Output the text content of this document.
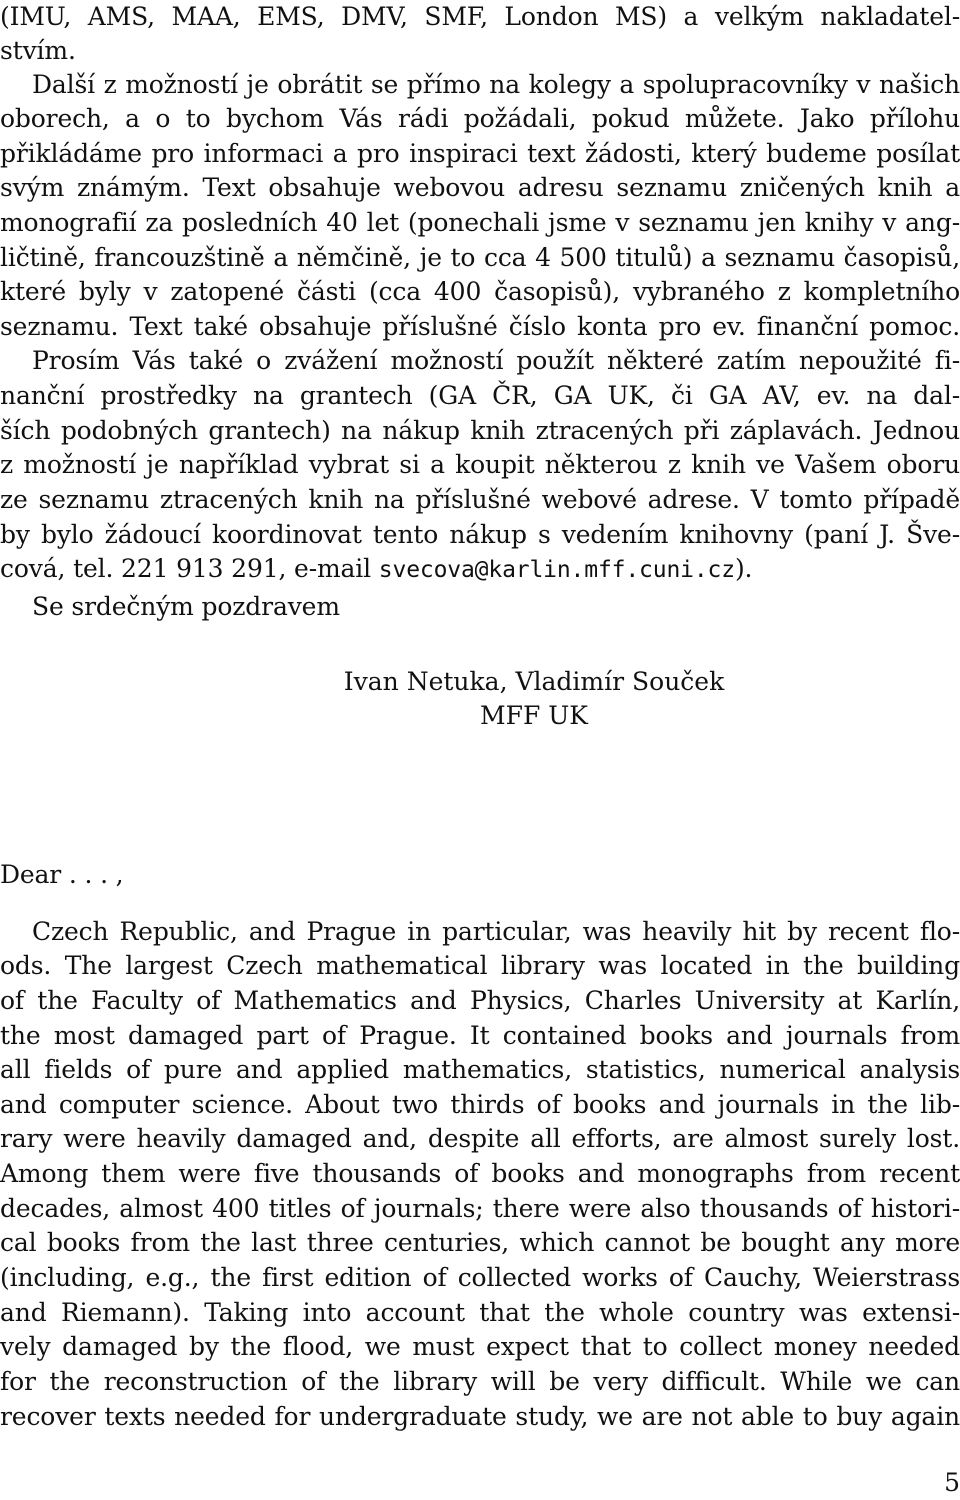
(IMU, AMS, MAA, EMS, DMV, SMF, London MS) a velkým nakladatel-
stvím.
Další z možností je obrátit se přímo na kolegy a spolupracovníky v našich
oborech, a o to bychom Vás rádi požádali, pokud můžete. Jako přílohu
přikládáme pro informaci a pro inspiraci text žádosti, který budeme posílat
svým známým. Text obsahuje webovou adresu seznamu zničených knih a
monografií za posledních 40 let (ponechali jsme v seznamu jen knihy v ang-
ličtině, francouzštině a němčině, je to cca 4 500 titulů) a seznamu časopisů,
které byly v zatopené části (cca 400 časopisů), vybraného z kompletního
seznamu. Text také obsahuje příslušné číslo konta pro ev. finanční pomoc.
Prosím Vás také o zvážení možností použít některé zatím nepoužité fi-
nanční prostředky na grantech (GA ČR, GA UK, či GA AV, ev. na dal-
ších podobných grantech) na nákup knih ztracených při záplavách. Jednou
z možností je například vybrat si a koupit některou z knih ve Vašem oboru
ze seznamu ztracených knih na příslušné webové adrese. V tomto případě
by bylo žádoucí koordinovat tento nákup s vedením knihovny (paní J. Šve-
cová, tel. 221 913 291, e-mail svecova@karlin.mff.cuni.cz).
Se srdečným pozdravem
Ivan Netuka, Vladimír Souček
MFF UK
Dear . . . ,
Czech Republic, and Prague in particular, was heavily hit by recent flo-
ods. The largest Czech mathematical library was located in the building
of the Faculty of Mathematics and Physics, Charles University at Karlín,
the most damaged part of Prague. It contained books and journals from
all fields of pure and applied mathematics, statistics, numerical analysis
and computer science. About two thirds of books and journals in the lib-
rary were heavily damaged and, despite all efforts, are almost surely lost.
Among them were five thousands of books and monographs from recent
decades, almost 400 titles of journals; there were also thousands of histori-
cal books from the last three centuries, which cannot be bought any more
(including, e.g., the first edition of collected works of Cauchy, Weierstrass
and Riemann). Taking into account that the whole country was extensi-
vely damaged by the flood, we must expect that to collect money needed
for the reconstruction of the library will be very difficult. While we can
recover texts needed for undergraduate study, we are not able to buy again
5
